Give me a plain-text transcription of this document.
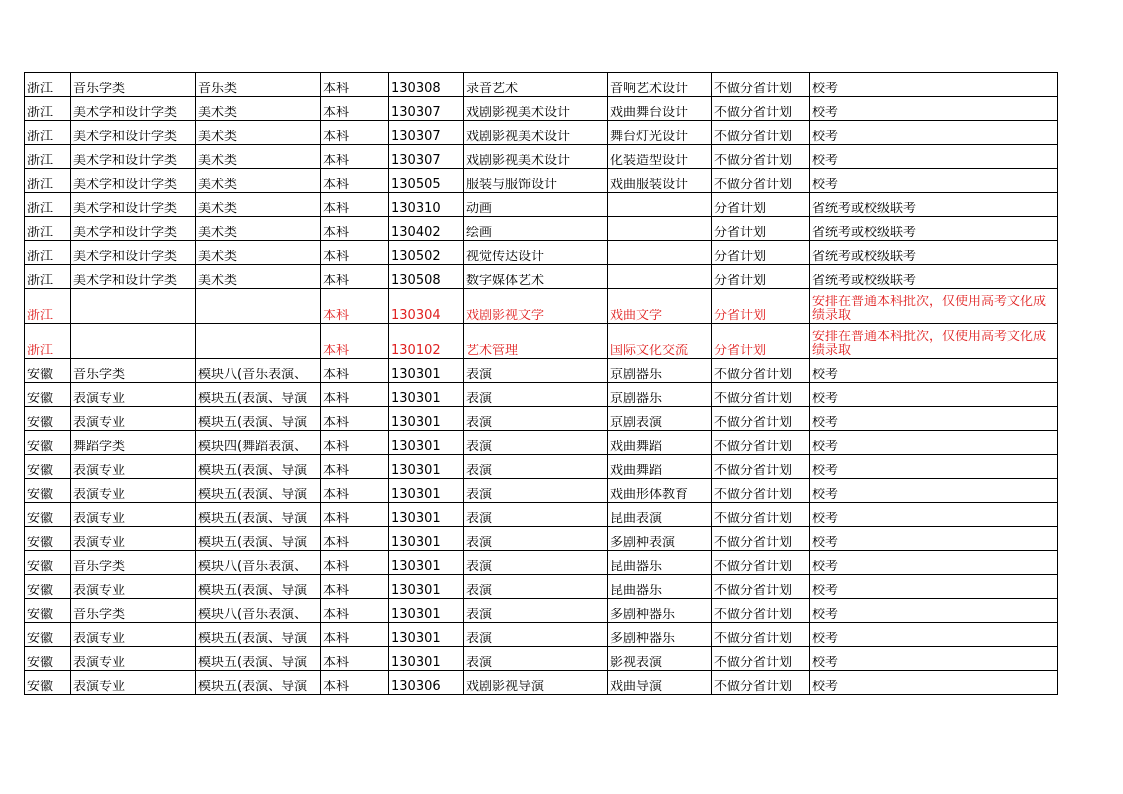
浙江	音乐学类	音乐类	本科	130308	录音艺术	音响艺术设计	不做分省计划	校考

浙江	美术学和设计学类	美术类	本科	130307	戏剧影视美术设计	戏曲舞台设计	不做分省计划	校考

浙江	美术学和设计学类	美术类	本科	130307	戏剧影视美术设计	舞台灯光设计	不做分省计划	校考

浙江	美术学和设计学类	美术类	本科	130307	戏剧影视美术设计	化装造型设计	不做分省计划	校考

浙江	美术学和设计学类	美术类	本科	130505	服装与服饰设计	戏曲服装设计	不做分省计划	校考

浙江	美术学和设计学类	美术类	本科	130310	动画		分省计划	省统考或校级联考

浙江	美术学和设计学类	美术类	本科	130402	绘画		分省计划	省统考或校级联考

浙江	美术学和设计学类	美术类	本科	130502	视觉传达设计		分省计划	省统考或校级联考

浙江	美术学和设计学类	美术类	本科	130508	数字媒体艺术		分省计划	省统考或校级联考

浙江			本科	130304	戏剧影视文学	戏曲文学	分省计划	安排在普通本科批次，仅使用高考文化成绩录取

浙江			本科	130102	艺术管理	国际文化交流	分省计划	安排在普通本科批次，仅使用高考文化成绩录取

安徽	音乐学类	模块八(音乐表演、	本科	130301	表演	京剧器乐	不做分省计划	校考

安徽	表演专业	模块五(表演、导演	本科	130301	表演	京剧器乐	不做分省计划	校考

安徽	表演专业	模块五(表演、导演	本科	130301	表演	京剧表演	不做分省计划	校考

安徽	舞蹈学类	模块四(舞蹈表演、	本科	130301	表演	戏曲舞蹈	不做分省计划	校考

安徽	表演专业	模块五(表演、导演	本科	130301	表演	戏曲舞蹈	不做分省计划	校考

安徽	表演专业	模块五(表演、导演	本科	130301	表演	戏曲形体教育	不做分省计划	校考

安徽	表演专业	模块五(表演、导演	本科	130301	表演	昆曲表演	不做分省计划	校考

安徽	表演专业	模块五(表演、导演	本科	130301	表演	多剧种表演	不做分省计划	校考

安徽	音乐学类	模块八(音乐表演、	本科	130301	表演	昆曲器乐	不做分省计划	校考

安徽	表演专业	模块五(表演、导演	本科	130301	表演	昆曲器乐	不做分省计划	校考

安徽	音乐学类	模块八(音乐表演、	本科	130301	表演	多剧种器乐	不做分省计划	校考

安徽	表演专业	模块五(表演、导演	本科	130301	表演	多剧种器乐	不做分省计划	校考

安徽	表演专业	模块五(表演、导演	本科	130301	表演	影视表演	不做分省计划	校考

安徽	表演专业	模块五(表演、导演	本科	130306	戏剧影视导演	戏曲导演	不做分省计划	校考
